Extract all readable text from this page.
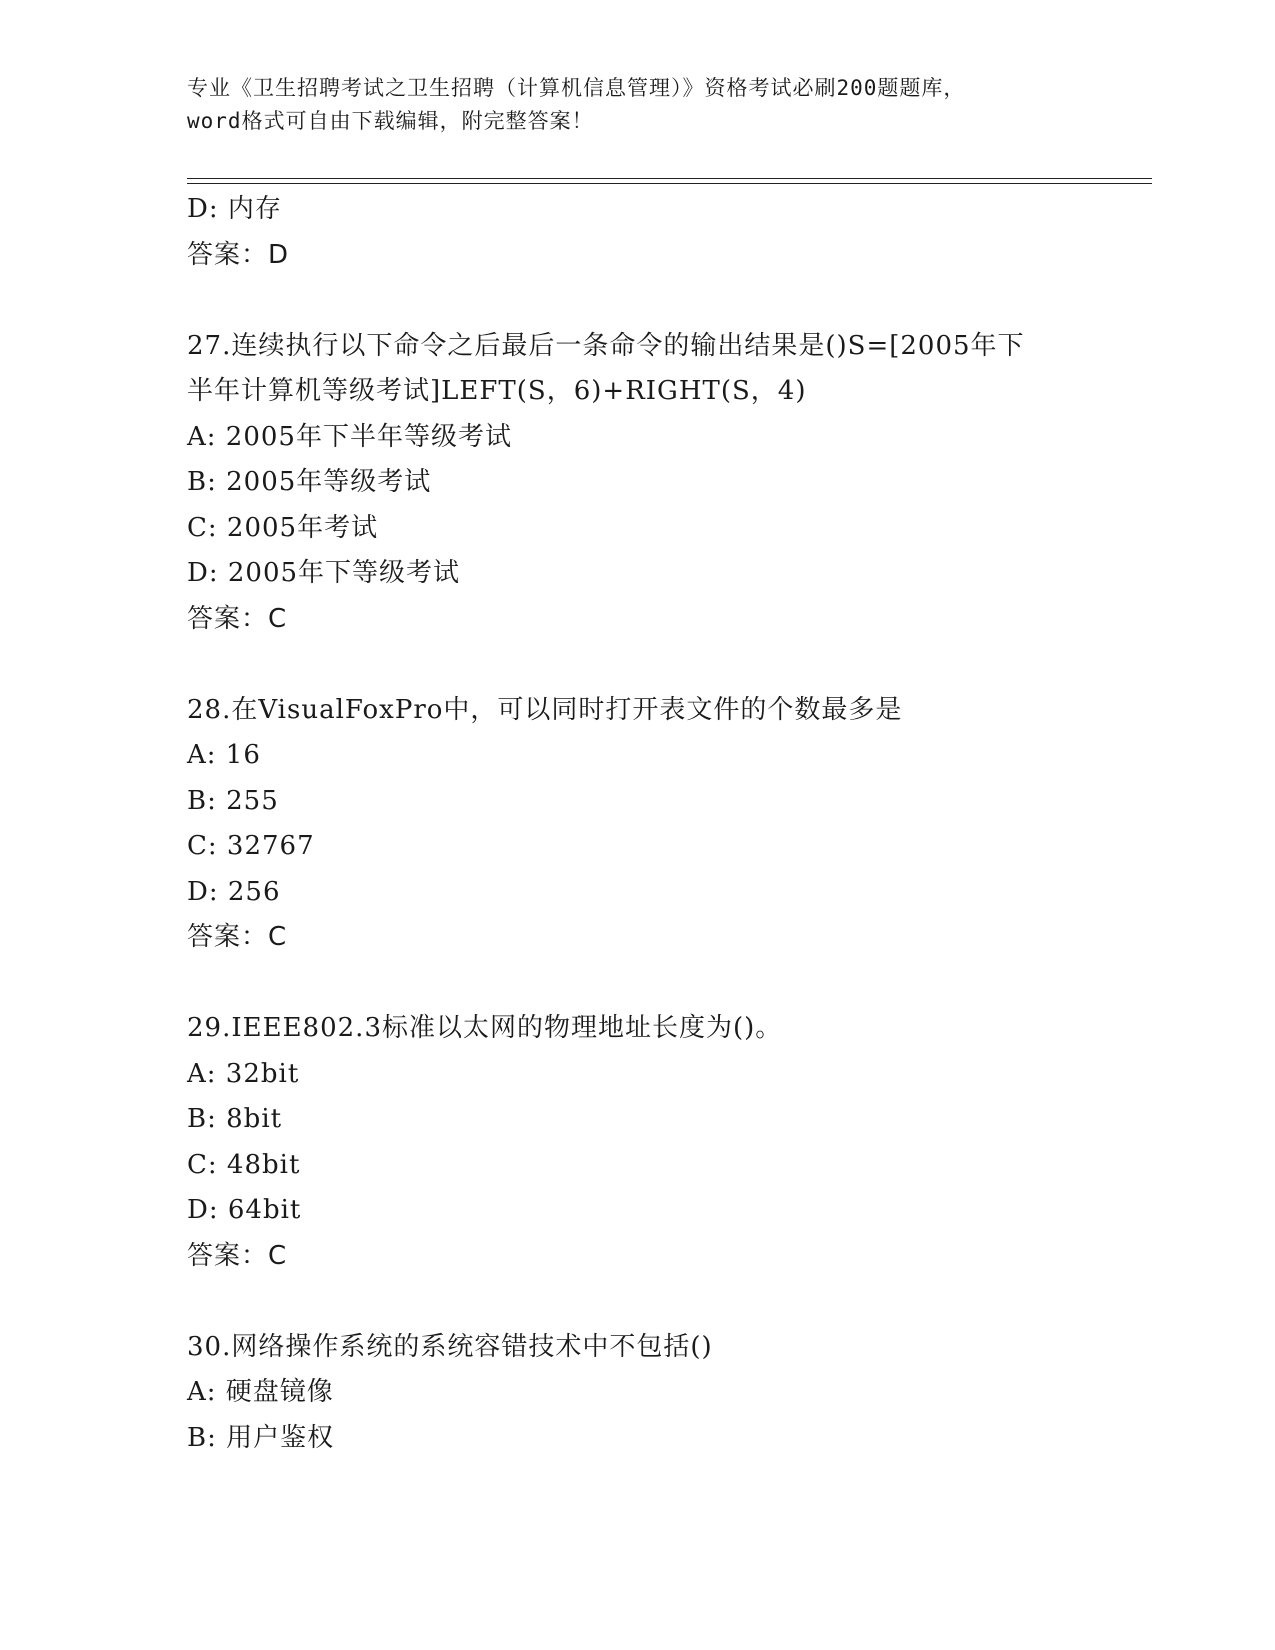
专业《卫生招聘考试之卫生招聘（计算机信息管理）》资格考试必刷200题题库，
word格式可自由下载编辑，附完整答案！
D: 内存
答案：D
27.连续执行以下命令之后最后一条命令的输出结果是()S=[2005年下
半年计算机等级考试]LEFT(S，6)+RIGHT(S，4)
A: 2005年下半年等级考试
B: 2005年等级考试
C: 2005年考试
D: 2005年下等级考试
答案：C
28.在VisualFoxPro中，可以同时打开表文件的个数最多是
A: 16
B: 255
C: 32767
D: 256
答案：C
29.IEEE802.3标准以太网的物理地址长度为()。
A: 32bit
B: 8bit
C: 48bit
D: 64bit
答案：C
30.网络操作系统的系统容错技术中不包括()
A: 硬盘镜像
B: 用户鉴权
